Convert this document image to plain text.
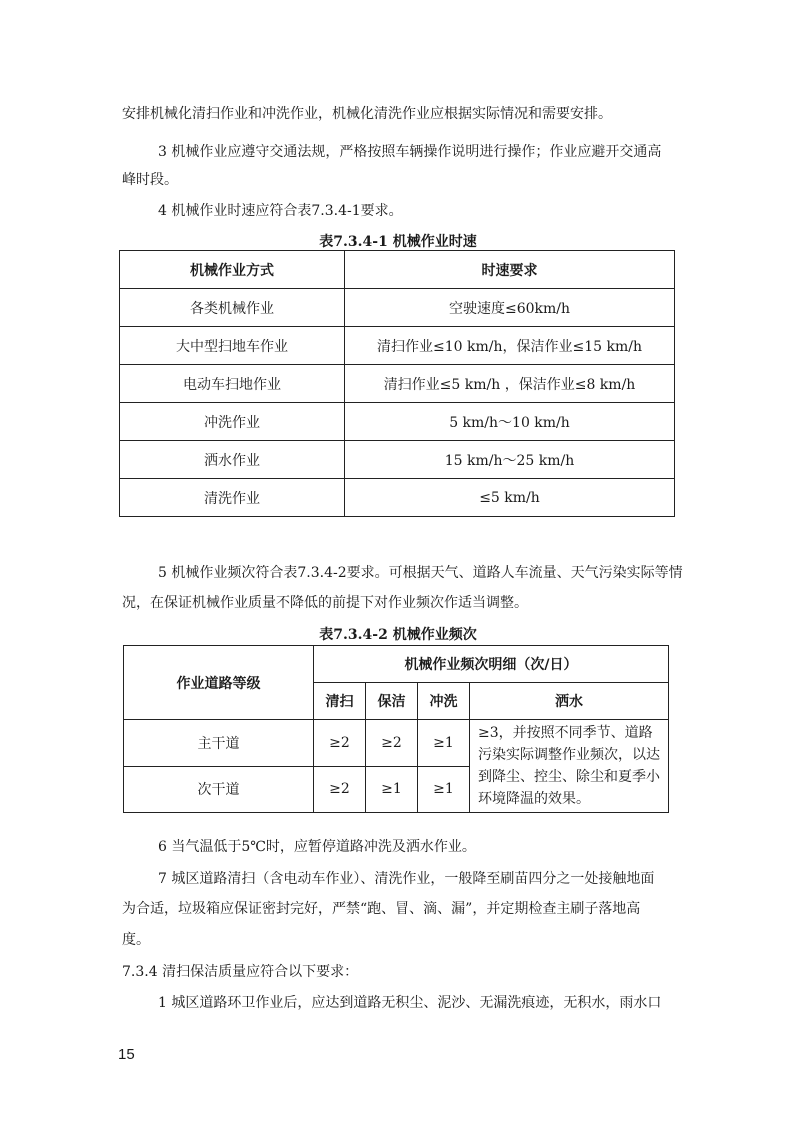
安排机械化清扫作业和冲洗作业，机械化清洗作业应根据实际情况和需要安排。

3 机械作业应遵守交通法规，严格按照车辆操作说明进行操作；作业应避开交通高

峰时段。

4 机械作业时速应符合表7.3.4-1要求。

表7.3.4-1 机械作业时速

机械作业方式	时速要求
各类机械作业	空驶速度≤60km/h
大中型扫地车作业	清扫作业≤10 km/h，保洁作业≤15 km/h
电动车扫地作业	清扫作业≤5 km/h ，保洁作业≤8 km/h
冲洗作业	5 km/h～10 km/h
洒水作业	15 km/h～25 km/h
清洗作业	≤5 km/h

5 机械作业频次符合表7.3.4-2要求。可根据天气、道路人车流量、天气污染实际等情

况，在保证机械作业质量不降低的前提下对作业频次作适当调整。

表7.3.4-2 机械作业频次

作业道路等级	机械作业频次明细（次/日）			
	清扫	保洁	冲洗	洒水
主干道	≥2	≥2	≥1	≥3，并按照不同季节、道路污染实际调整作业频次，以达到降尘、控尘、除尘和夏季小环境降温的效果。
次干道	≥2	≥1	≥1	

6 当气温低于5℃时，应暂停道路冲洗及洒水作业。

7 城区道路清扫（含电动车作业）、清洗作业，一般降至刷苗四分之一处接触地面

为合适，垃圾箱应保证密封完好，严禁“跑、冒、滴、漏”，并定期检查主刷子落地高

度。

7.3.4 清扫保洁质量应符合以下要求：

1 城区道路环卫作业后，应达到道路无积尘、泥沙、无漏洗痕迹，无积水，雨水口

15
